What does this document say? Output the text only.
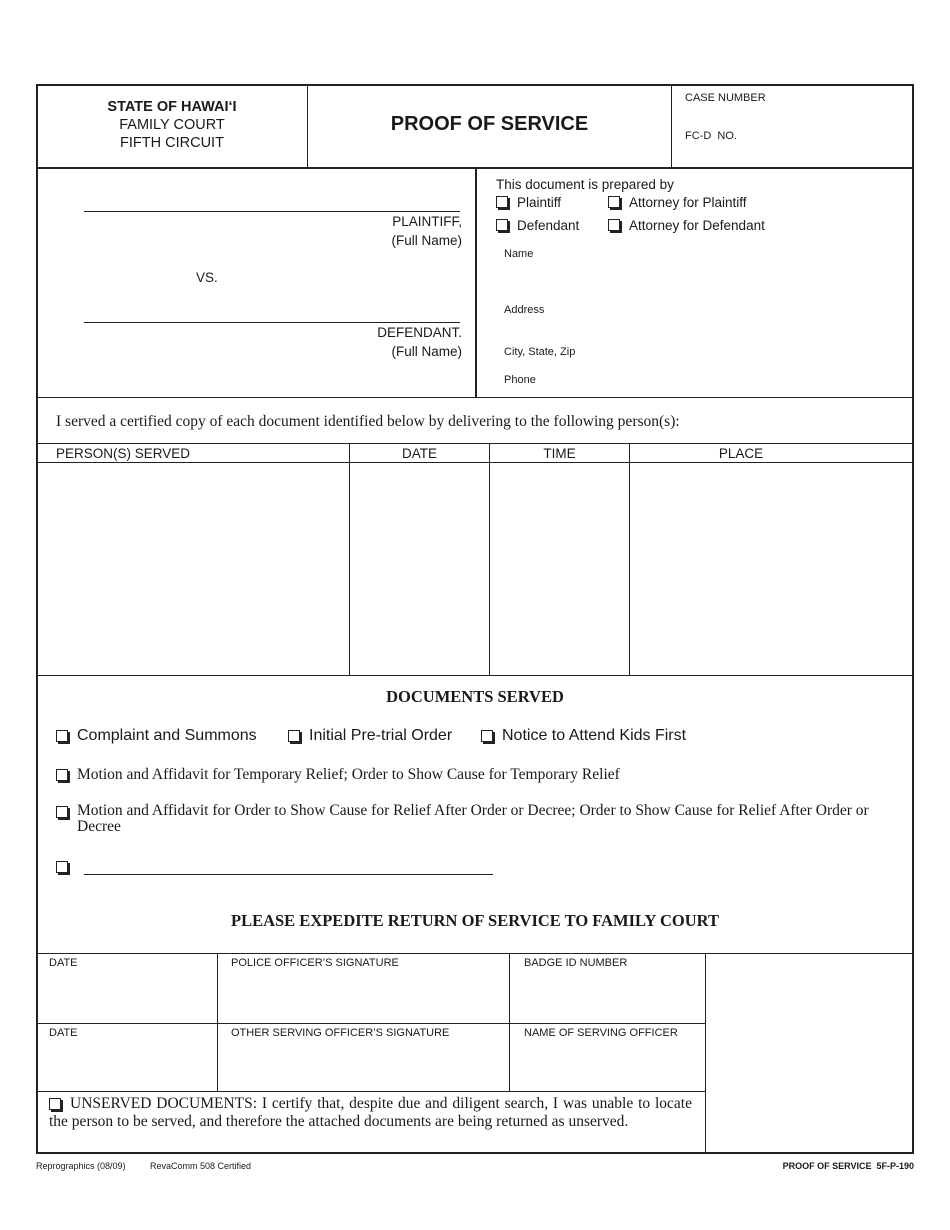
STATE OF HAWAI‘I
FAMILY COURT
FIFTH CIRCUIT
PROOF OF SERVICE
CASE NUMBER
FC-D  NO.
PLAINTIFF,
(Full Name)
VS.
DEFENDANT.
(Full Name)
This document is prepared by
Plaintiff	Attorney for Plaintiff
Defendant	Attorney for Defendant
Name
Address
City, State, Zip
Phone
I served a certified copy of each document identified below by delivering to the following person(s):
PERSON(S) SERVED	DATE	TIME	PLACE
DOCUMENTS SERVED
Complaint and Summons	Initial Pre-trial Order	Notice to Attend Kids First
Motion and Affidavit for Temporary Relief; Order to Show Cause for Temporary Relief
Motion and Affidavit for Order to Show Cause for Relief After Order or Decree; Order to Show Cause for Relief After Order or Decree
PLEASE EXPEDITE RETURN OF SERVICE TO FAMILY COURT
DATE	POLICE OFFICER’S SIGNATURE	BADGE ID NUMBER
DATE	OTHER SERVING OFFICER’S SIGNATURE	NAME OF SERVING OFFICER
UNSERVED DOCUMENTS: I certify that, despite due and diligent search, I was unable to locate the person to be served, and therefore the attached documents are being returned as unserved.
Reprographics (08/09)	RevaComm 508 Certified	PROOF OF SERVICE  5F-P-190
